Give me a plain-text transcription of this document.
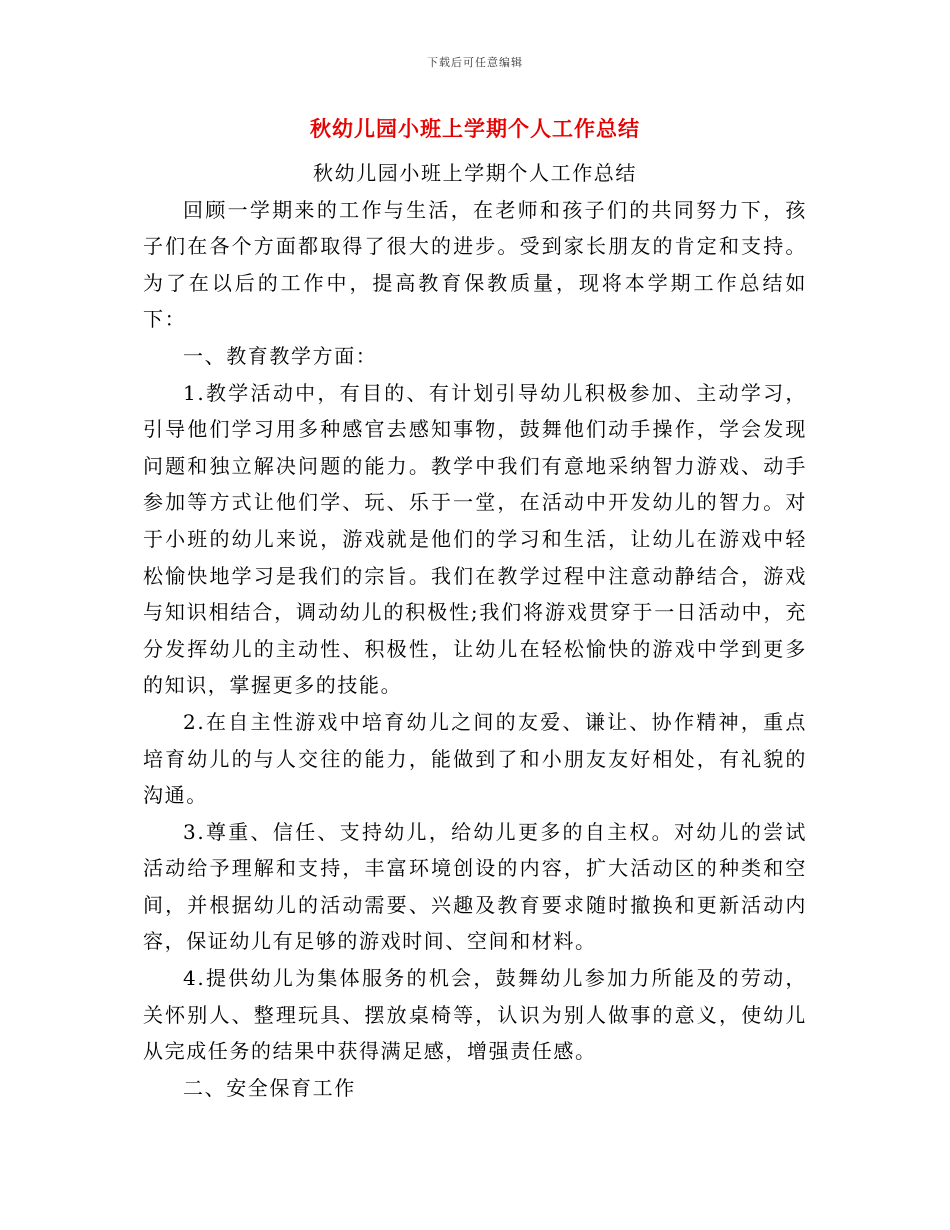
下载后可任意编辑
秋幼儿园小班上学期个人工作总结

秋幼儿园小班上学期个人工作总结

回顾一学期来的工作与生活，在老师和孩子们的共同努力下，孩子们在各个方面都取得了很大的进步。受到家长朋友的肯定和支持。为了在以后的工作中，提高教育保教质量，现将本学期工作总结如下：

一、教育教学方面：

1.教学活动中，有目的、有计划引导幼儿积极参加、主动学习，引导他们学习用多种感官去感知事物，鼓舞他们动手操作，学会发现问题和独立解决问题的能力。教学中我们有意地采纳智力游戏、动手参加等方式让他们学、玩、乐于一堂，在活动中开发幼儿的智力。对于小班的幼儿来说，游戏就是他们的学习和生活，让幼儿在游戏中轻松愉快地学习是我们的宗旨。我们在教学过程中注意动静结合，游戏与知识相结合，调动幼儿的积极性;我们将游戏贯穿于一日活动中，充分发挥幼儿的主动性、积极性，让幼儿在轻松愉快的游戏中学到更多的知识，掌握更多的技能。

2.在自主性游戏中培育幼儿之间的友爱、谦让、协作精神，重点培育幼儿的与人交往的能力，能做到了和小朋友友好相处，有礼貌的沟通。

3.尊重、信任、支持幼儿，给幼儿更多的自主权。对幼儿的尝试活动给予理解和支持，丰富环境创设的内容，扩大活动区的种类和空间，并根据幼儿的活动需要、兴趣及教育要求随时撤换和更新活动内容，保证幼儿有足够的游戏时间、空间和材料。

4.提供幼儿为集体服务的机会，鼓舞幼儿参加力所能及的劳动，关怀别人、整理玩具、摆放桌椅等，认识为别人做事的意义，使幼儿从完成任务的结果中获得满足感，增强责任感。

二、安全保育工作
